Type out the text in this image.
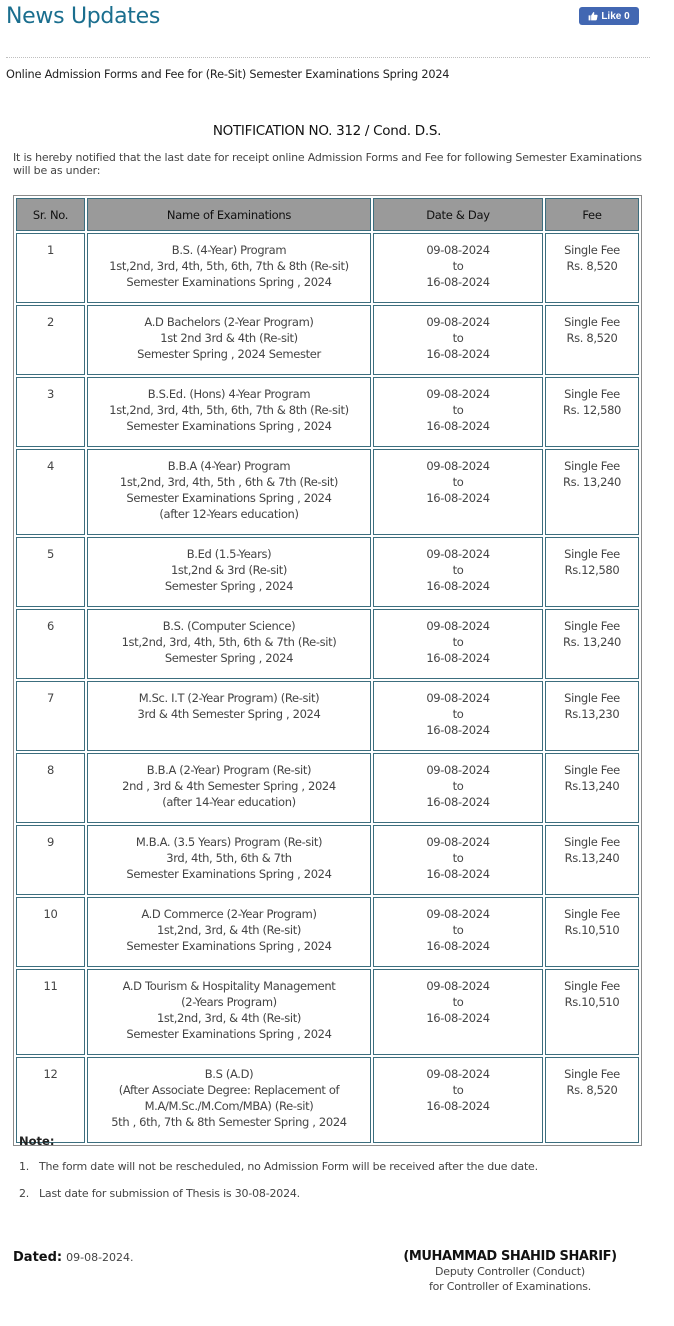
News Updates	Like 0
Online Admission Forms and Fee for (Re-Sit) Semester Examinations Spring 2024
NOTIFICATION NO. 312 / Cond. D.S.
It is hereby notified that the last date for receipt online Admission Forms and Fee for following Semester Examinations will be as under:
Sr. No.	Name of Examinations	Date & Day	Fee
1	B.S. (4-Year) Program
1st,2nd, 3rd, 4th, 5th, 6th, 7th & 8th (Re-sit)
Semester Examinations Spring , 2024	09-08-2024
to
16-08-2024	Single Fee
Rs. 8,520
2	A.D Bachelors (2-Year Program)
1st 2nd 3rd & 4th (Re-sit)
Semester Spring , 2024 Semester	09-08-2024
to
16-08-2024	Single Fee
Rs. 8,520
3	B.S.Ed. (Hons) 4-Year Program
1st,2nd, 3rd, 4th, 5th, 6th, 7th & 8th (Re-sit)
Semester Examinations Spring , 2024	09-08-2024
to
16-08-2024	Single Fee
Rs. 12,580
4	B.B.A (4-Year) Program
1st,2nd, 3rd, 4th, 5th , 6th & 7th (Re-sit)
Semester Examinations Spring , 2024
(after 12-Years education)	09-08-2024
to
16-08-2024	Single Fee
Rs. 13,240
5	B.Ed (1.5-Years)
1st,2nd & 3rd (Re-sit)
Semester Spring , 2024	09-08-2024
to
16-08-2024	Single Fee
Rs.12,580
6	B.S. (Computer Science)
1st,2nd, 3rd, 4th, 5th, 6th & 7th (Re-sit)
Semester Spring , 2024	09-08-2024
to
16-08-2024	Single Fee
Rs. 13,240
7	M.Sc. I.T (2-Year Program) (Re-sit)
3rd & 4th Semester Spring , 2024	09-08-2024
to
16-08-2024	Single Fee
Rs.13,230
8	B.B.A (2-Year) Program (Re-sit)
2nd , 3rd & 4th Semester Spring , 2024
(after 14-Year education)	09-08-2024
to
16-08-2024	Single Fee
Rs.13,240
9	M.B.A. (3.5 Years) Program (Re-sit)
3rd, 4th, 5th, 6th & 7th
Semester Examinations Spring , 2024	09-08-2024
to
16-08-2024	Single Fee
Rs.13,240
10	A.D Commerce (2-Year Program)
1st,2nd, 3rd, & 4th (Re-sit)
Semester Examinations Spring , 2024	09-08-2024
to
16-08-2024	Single Fee
Rs.10,510
11	A.D Tourism & Hospitality Management
(2-Years Program)
1st,2nd, 3rd, & 4th (Re-sit)
Semester Examinations Spring , 2024	09-08-2024
to
16-08-2024	Single Fee
Rs.10,510
12	B.S (A.D)
(After Associate Degree: Replacement of
M.A/M.Sc./M.Com/MBA) (Re-sit)
5th , 6th, 7th & 8th Semester Spring , 2024	09-08-2024
to
16-08-2024	Single Fee
Rs. 8,520
Note:
1. The form date will not be rescheduled, no Admission Form will be received after the due date.
2. Last date for submission of Thesis is 30-08-2024.
Dated: 09-08-2024.	(MUHAMMAD SHAHID SHARIF)
Deputy Controller (Conduct)
for Controller of Examinations.
